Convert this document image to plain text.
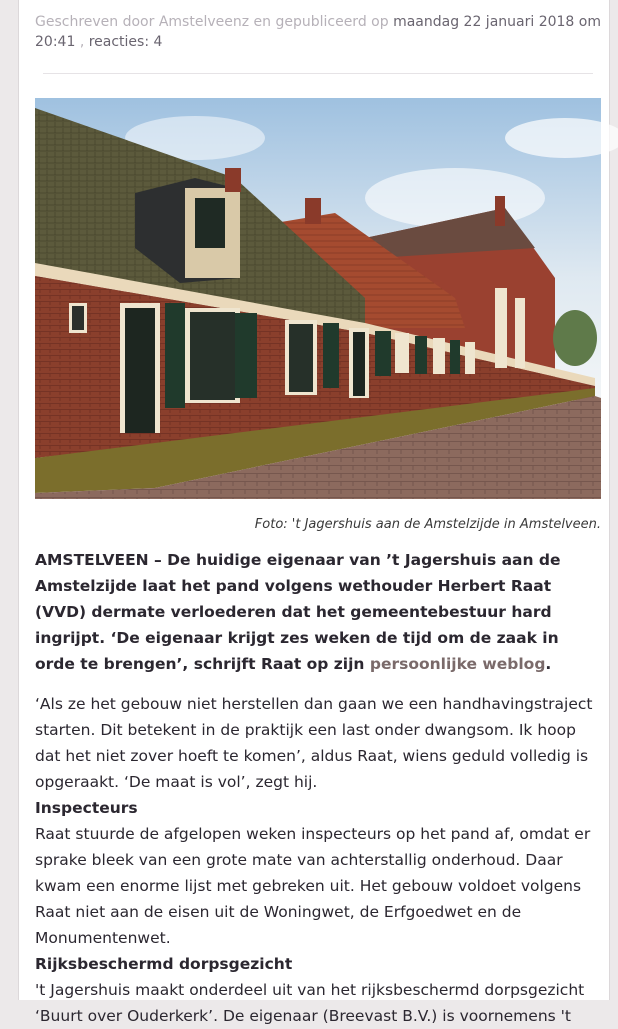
Geschreven door Amstelveenz en gepubliceerd op maandag 22 januari 2018 om 20:41 , reacties: 4
Foto: 't Jagershuis aan de Amstelzijde in Amstelveen.

AMSTELVEEN – De huidige eigenaar van ’t Jagershuis aan de Amstelzijde laat het pand volgens wethouder Herbert Raat (VVD) dermate verloederen dat het gemeentebestuur hard ingrijpt. ‘De eigenaar krijgt zes weken de tijd om de zaak in orde te brengen’, schrijft Raat op zijn persoonlijke weblog.

‘Als ze het gebouw niet herstellen dan gaan we een handhavingstraject starten. Dit betekent in de praktijk een last onder dwangsom. Ik hoop dat het niet zover hoeft te komen’, aldus Raat, wiens geduld volledig is opgeraakt. ‘De maat is vol’, zegt hij.

Inspecteurs

Raat stuurde de afgelopen weken inspecteurs op het pand af, omdat er sprake bleek van een grote mate van achterstallig onderhoud. Daar kwam een enorme lijst met gebreken uit. Het gebouw voldoet volgens Raat niet aan de eisen uit de Woningwet, de Erfgoedwet en de Monumentenwet.

Rijksbeschermd dorpsgezicht

't Jagershuis maakt onderdeel uit van het rijksbeschermd dorpsgezicht ‘Buurt over Ouderkerk’. De eigenaar (Breevast B.V.) is voornemens 't
